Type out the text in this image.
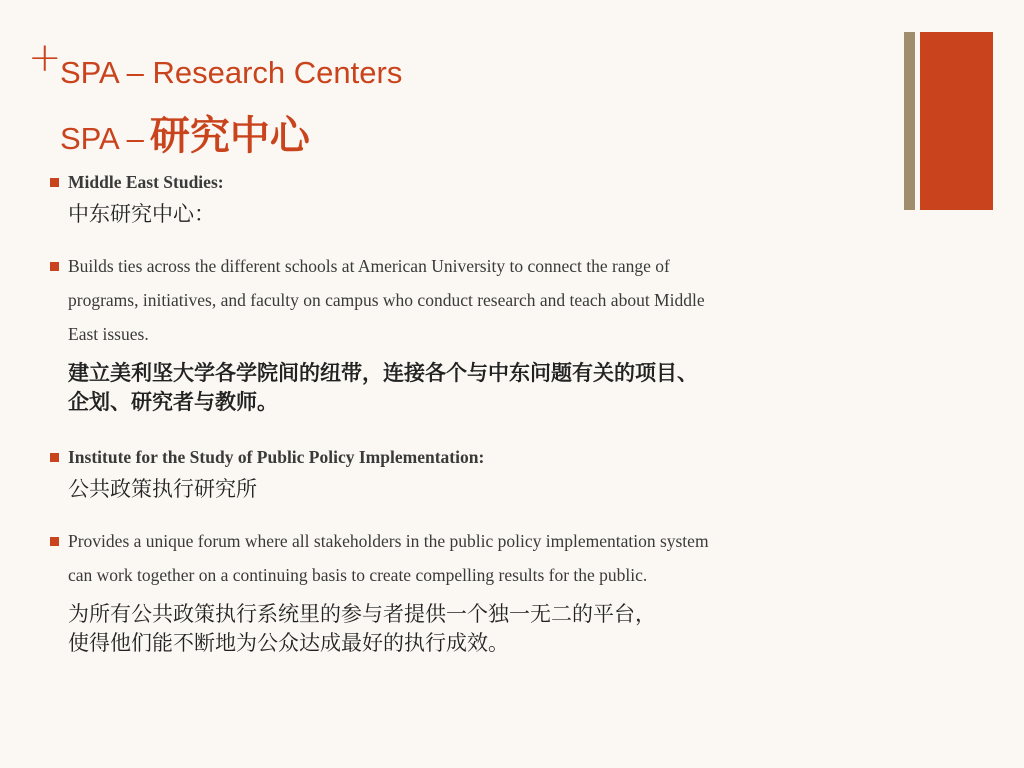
+
SPA – Research Centers
SPA – 研究中心
Middle East Studies:
中东研究中心：
Builds ties across the different schools at American University to connect the range of
programs, initiatives, and faculty on campus who conduct research and teach about Middle
East issues.
建立美利坚大学各学院间的纽带，连接各个与中东问题有关的项目、
企划、研究者与教师。
Institute for the Study of Public Policy Implementation:
公共政策执行研究所
Provides a unique forum where all stakeholders in the public policy implementation system
can work together on a continuing basis to create compelling results for the public.
为所有公共政策执行系统里的参与者提供一个独一无二的平台，
使得他们能不断地为公众达成最好的执行成效。
